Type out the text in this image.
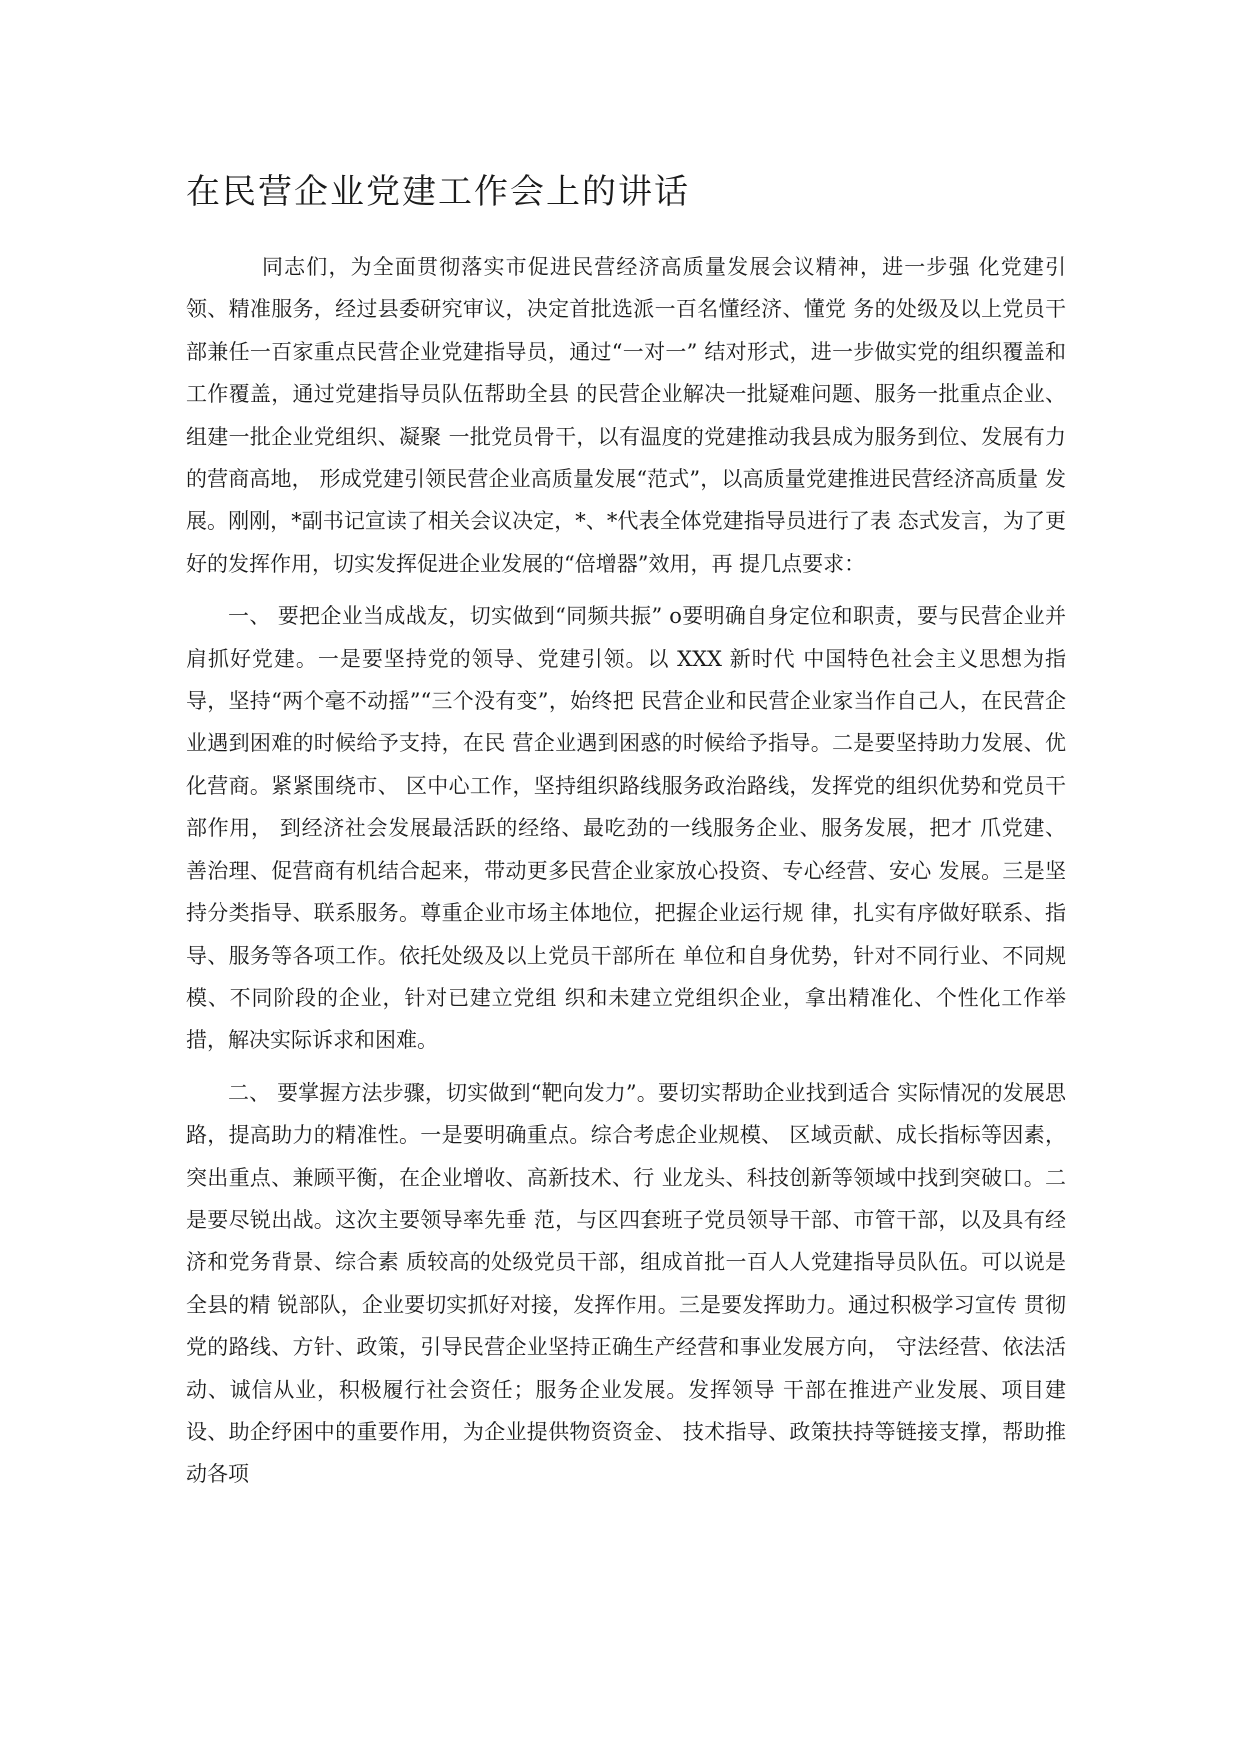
在民营企业党建工作会上的讲话

同志们，为全面贯彻落实市促进民营经济高质量发展会议精神，进一步强 化党建引领、精准服务，经过县委研究审议，决定首批选派一百名懂经济、懂党 务的处级及以上党员干部兼任一百家重点民营企业党建指导员，通过“一对一” 结对形式，进一步做实党的组织覆盖和工作覆盖，通过党建指导员队伍帮助全县 的民营企业解决一批疑难问题、服务一批重点企业、组建一批企业党组织、凝聚 一批党员骨干，以有温度的党建推动我县成为服务到位、发展有力的营商高地， 形成党建引领民营企业高质量发展“范式”，以高质量党建推进民营经济高质量 发展。刚刚，*副书记宣读了相关会议决定，*、*代表全体党建指导员进行了表 态式发言，为了更好的发挥作用，切实发挥促进企业发展的“倍增器”效用，再 提几点要求：

一、 要把企业当成战友，切实做到“同频共振” o要明确自身定位和职责，要与民营企业并肩抓好党建。一是要坚持党的领导、党建引领。以 XXX 新时代 中国特色社会主义思想为指导，坚持“两个毫不动摇”“三个没有变”，始终把 民营企业和民营企业家当作自己人，在民营企业遇到困难的时候给予支持，在民 营企业遇到困惑的时候给予指导。二是要坚持助力发展、优化营商。紧紧围绕市、 区中心工作，坚持组织路线服务政治路线，发挥党的组织优势和党员干部作用， 到经济社会发展最活跃的经络、最吃劲的一线服务企业、服务发展，把才 爪党建、 善治理、促营商有机结合起来，带动更多民营企业家放心投资、专心经营、安心 发展。三是坚持分类指导、联系服务。尊重企业市场主体地位，把握企业运行规 律，扎实有序做好联系、指导、服务等各项工作。依托处级及以上党员干部所在 单位和自身优势，针对不同行业、不同规模、不同阶段的企业，针对已建立党组 织和未建立党组织企业，拿出精准化、个性化工作举措，解决实际诉求和困难。

二、 要掌握方法步骤，切实做到“靶向发力”。要切实帮助企业找到适合 实际情况的发展思路，提高助力的精准性。一是要明确重点。综合考虑企业规模、 区域贡献、成长指标等因素，突出重点、兼顾平衡，在企业增收、高新技术、行 业龙头、科技创新等领域中找到突破口。二是要尽锐出战。这次主要领导率先垂 范，与区四套班子党员领导干部、市管干部，以及具有经济和党务背景、综合素 质较高的处级党员干部，组成首批一百人人党建指导员队伍。可以说是全县的精 锐部队，企业要切实抓好对接，发挥作用。三是要发挥助力。通过积极学习宣传 贯彻党的路线、方针、政策，引导民营企业坚持正确生产经营和事业发展方向， 守法经营、依法活动、诚信从业，积极履行社会资任；服务企业发展。发挥领导 干部在推进产业发展、项目建设、助企纾困中的重要作用，为企业提供物资资金、 技术指导、政策扶持等链接支撑，帮助推动各项
